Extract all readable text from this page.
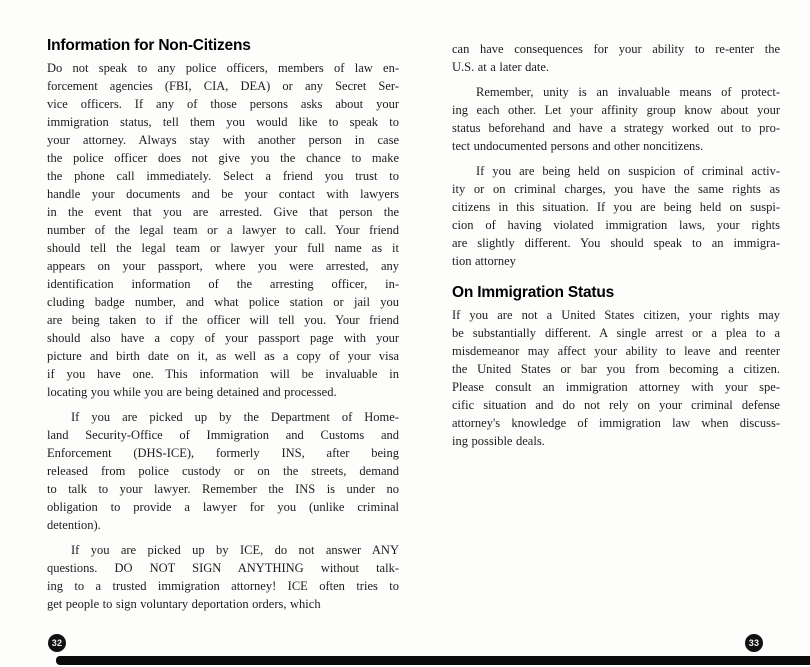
Information for Non-Citizens
Do not speak to any police officers, members of law en-
forcement agencies (FBI, CIA, DEA) or any Secret Ser-
vice officers. If any of those persons asks about your
immigration status, tell them you would like to speak to
your attorney. Always stay with another person in case
the police officer does not give you the chance to make
the phone call immediately. Select a friend you trust to
handle your documents and be your contact with lawyers
in the event that you are arrested. Give that person the
number of the legal team or a lawyer to call. Your friend
should tell the legal team or lawyer your full name as it
appears on your passport, where you were arrested, any
identification information of the arresting officer, in-
cluding badge number, and what police station or jail you
are being taken to if the officer will tell you. Your friend
should also have a copy of your passport page with your
picture and birth date on it, as well as a copy of your visa
if you have one. This information will be invaluable in
locating you while you are being detained and processed.
If you are picked up by the Department of Home-
land Security-Office of Immigration and Customs and
Enforcement (DHS-ICE), formerly INS, after being
released from police custody or on the streets, demand
to talk to your lawyer. Remember the INS is under no
obligation to provide a lawyer for you (unlike criminal
detention).
If you are picked up by ICE, do not answer ANY
questions. DO NOT SIGN ANYTHING without talk-
ing to a trusted immigration attorney! ICE often tries to
get people to sign voluntary deportation orders, which
can have consequences for your ability to re-enter the
U.S. at a later date.
Remember, unity is an invaluable means of protect-
ing each other. Let your affinity group know about your
status beforehand and have a strategy worked out to pro-
tect undocumented persons and other noncitizens.
If you are being held on suspicion of criminal activ-
ity or on criminal charges, you have the same rights as
citizens in this situation. If you are being held on suspi-
cion of having violated immigration laws, your rights
are slightly different. You should speak to an immigra-
tion attorney
On Immigration Status
If you are not a United States citizen, your rights may
be substantially different. A single arrest or a plea to a
misdemeanor may affect your ability to leave and reenter
the United States or bar you from becoming a citizen.
Please consult an immigration attorney with your spe-
cific situation and do not rely on your criminal defense
attorney's knowledge of immigration law when discuss-
ing possible deals.
32	33
